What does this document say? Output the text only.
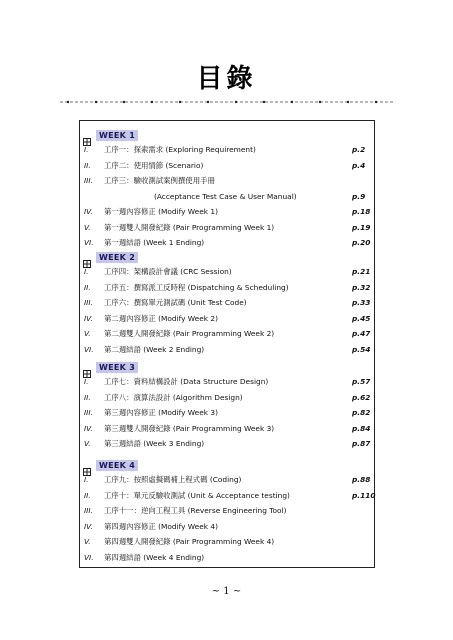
目錄
WEEK 1
I.	工序一：探索需求 (Exploring Requirement)	p.2
II.	工序二：使用情節 (Scenario)	p.4
III.	工序三：驗收測試案例撰使用手冊
(Acceptance Test Case & User Manual)	p.9
IV.	第一週內容修正 (Modify Week 1)	p.18
V.	第一週雙人開發紀錄 (Pair Programming Week 1)	p.19
VI.	第一週結語 (Week 1 Ending)	p.20
WEEK 2
I.	工序四：架構設計會議 (CRC Session)	p.21
II.	工序五：撰寫派工反時程 (Dispatching & Scheduling)	p.32
III.	工序六：撰寫單元測試碼 (Unit Test Code)	p.33
IV.	第二週內容修正 (Modify Week 2)	p.45
V.	第二週雙人開發紀錄 (Pair Programming Week 2)	p.47
VI.	第二週結語 (Week 2 Ending)	p.54
WEEK 3
I.	工序七：資料結構設計 (Data Structure Design)	p.57
II.	工序八：演算法設計 (Algorithm Design)	p.62
III.	第三週內容修正 (Modify Week 3)	p.82
IV.	第三週雙人開發紀錄 (Pair Programming Week 3)	p.84
V.	第三週結語 (Week 3 Ending)	p.87
WEEK 4
I.	工序九：按照虛擬碼補上程式碼 (Coding)	p.88
II.	工序十：單元反驗收測試 (Unit & Acceptance testing)	p.110
III.	工序十一：逆向工程工具 (Reverse Engineering Tool)
IV.	第四週內容修正 (Modify Week 4)
V.	第四週雙人開發紀錄 (Pair Programming Week 4)
VI.	第四週結語 (Week 4 Ending)
~ 1 ~
